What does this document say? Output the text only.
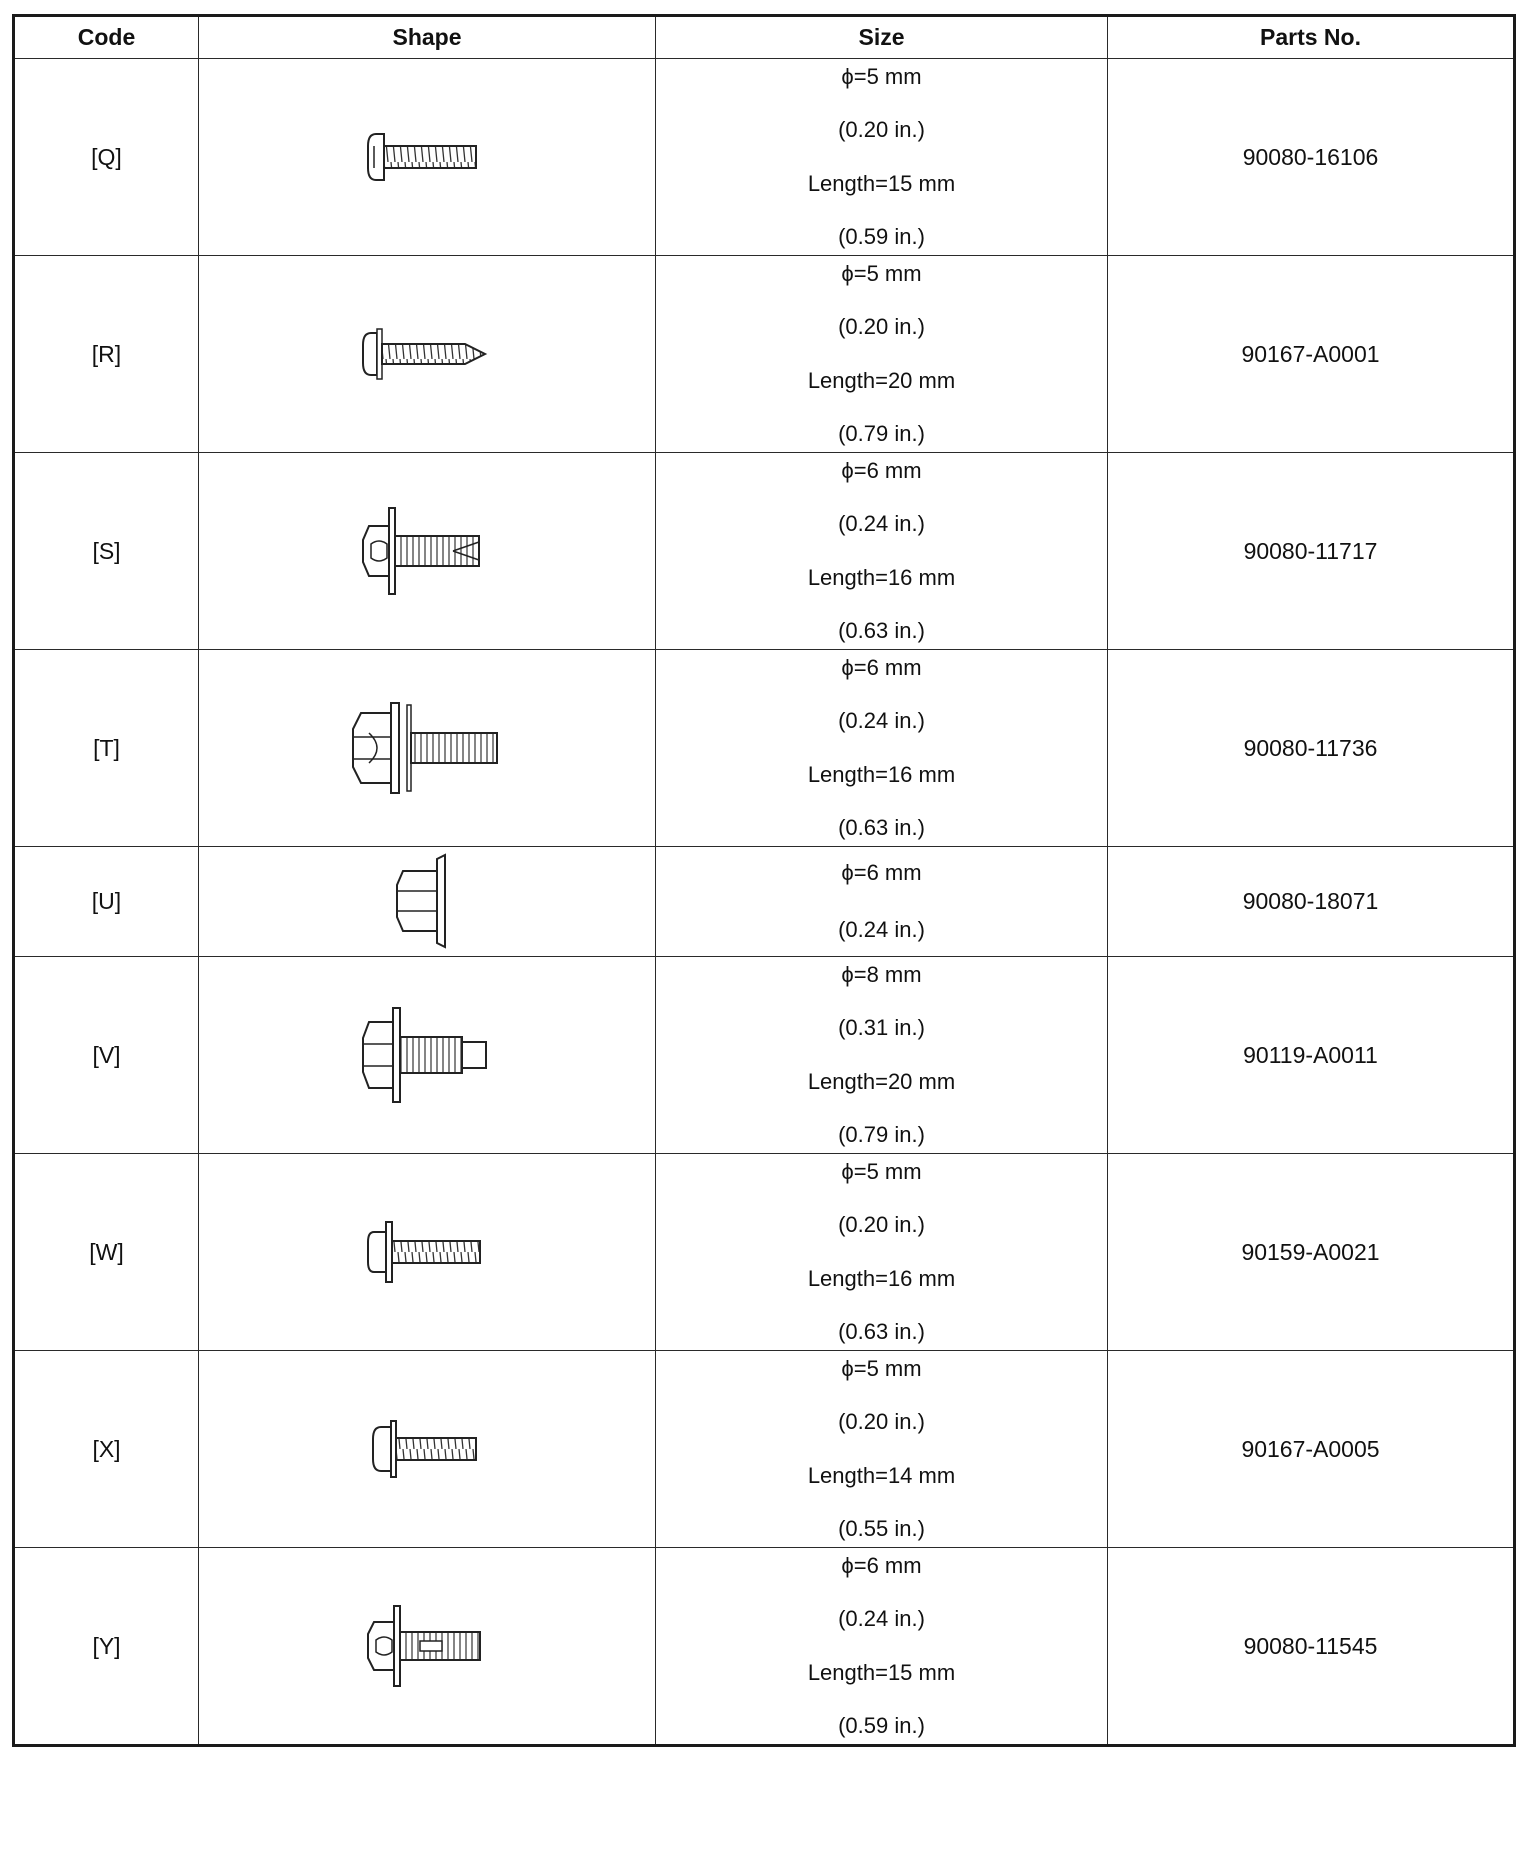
Code	Shape	Size	Parts No.
[Q]		ϕ=5 mm
(0.20 in.)
Length=15 mm
(0.59 in.)	90080-16106
[R]		ϕ=5 mm
(0.20 in.)
Length=20 mm
(0.79 in.)	90167-A0001
[S]		ϕ=6 mm
(0.24 in.)
Length=16 mm
(0.63 in.)	90080-11717
[T]		ϕ=6 mm
(0.24 in.)
Length=16 mm
(0.63 in.)	90080-11736
[U]		ϕ=6 mm
(0.24 in.)	90080-18071
[V]		ϕ=8 mm
(0.31 in.)
Length=20 mm
(0.79 in.)	90119-A0011
[W]		ϕ=5 mm
(0.20 in.)
Length=16 mm
(0.63 in.)	90159-A0021
[X]		ϕ=5 mm
(0.20 in.)
Length=14 mm
(0.55 in.)	90167-A0005
[Y]		ϕ=6 mm
(0.24 in.)
Length=15 mm
(0.59 in.)	90080-11545
